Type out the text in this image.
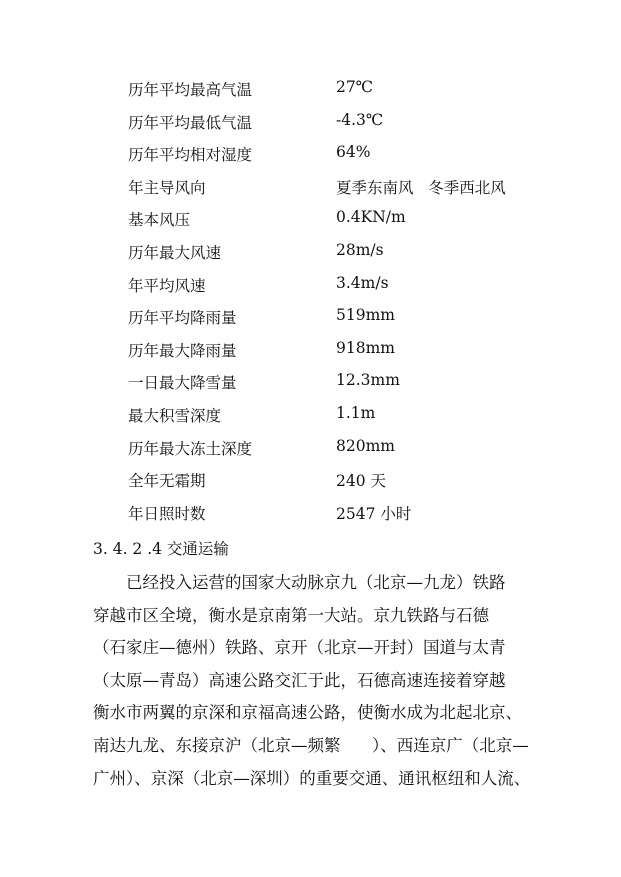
历年平均最高气温	27℃
历年平均最低气温	-4.3℃
历年平均相对湿度	64%
年主导风向	夏季东南风   冬季西北风
基本风压	0.4KN/m
历年最大风速	28m/s
年平均风速	3.4m/s
历年平均降雨量	519mm
历年最大降雨量	918mm
一日最大降雪量	12.3mm
最大积雪深度	1.1m
历年最大冻土深度	820mm
全年无霜期	240 天
年日照时数	2547 小时
3. 4. 2 .4 交通运输
已经投入运营的国家大动脉京九（北京—九龙）铁路
穿越市区全境，衡水是京南第一大站。京九铁路与石德
（石家庄—德州）铁路、京开（北京—开封）国道与太青
（太原—青岛）高速公路交汇于此，石德高速连接着穿越
衡水市两翼的京深和京福高速公路，使衡水成为北起北京、
南达九龙、东接京沪（北京—频繁      ）、西连京广（北京—
广州）、京深（北京—深圳）的重要交通、通讯枢纽和人流、
